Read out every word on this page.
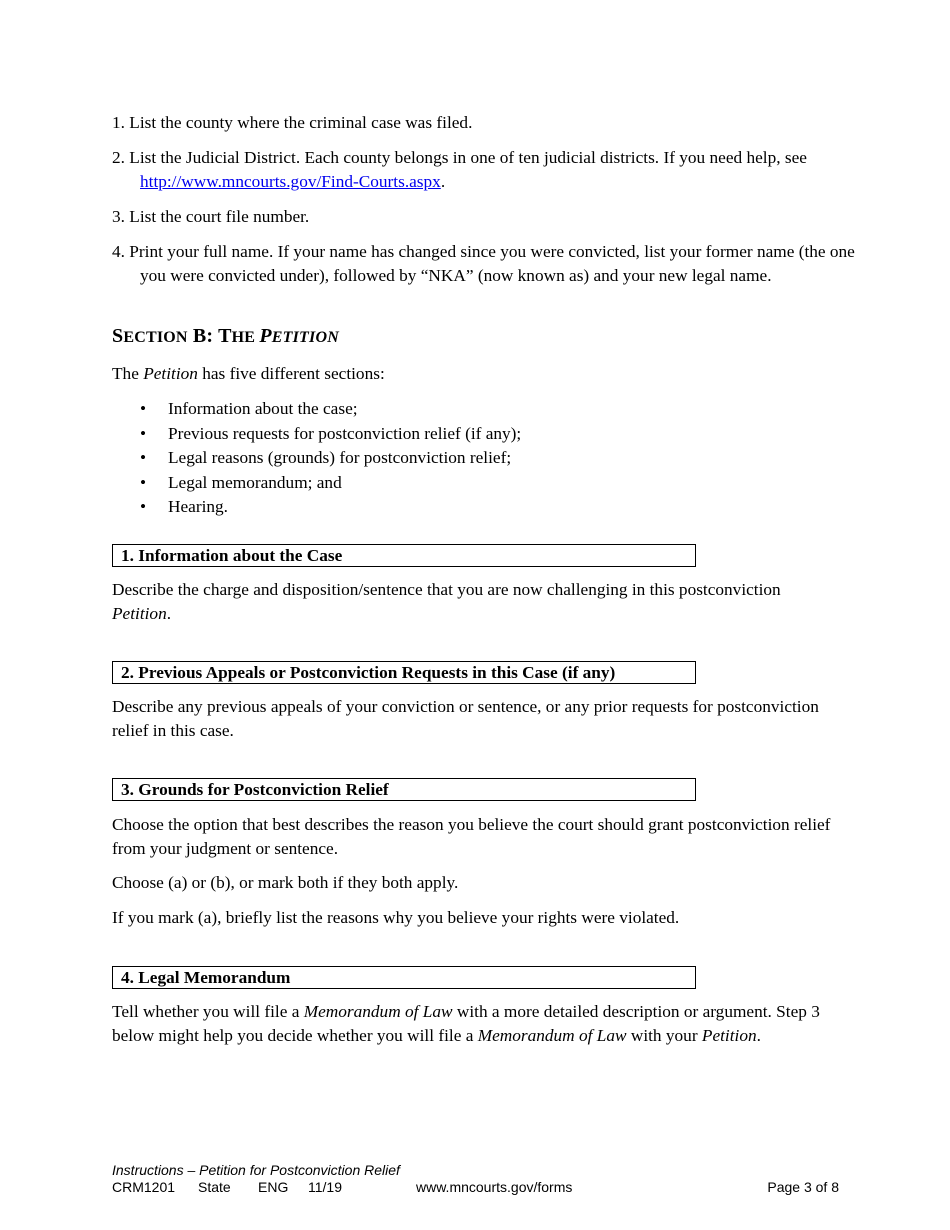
1. List the county where the criminal case was filed.

2. List the Judicial District. Each county belongs in one of ten judicial districts. If you need help, see http://www.mncourts.gov/Find-Courts.aspx.

3. List the court file number.

4. Print your full name. If your name has changed since you were convicted, list your former name (the one you were convicted under), followed by “NKA” (now known as) and your new legal name.

SECTION B: THE PETITION

The Petition has five different sections:

• Information about the case;
• Previous requests for postconviction relief (if any);
• Legal reasons (grounds) for postconviction relief;
• Legal memorandum; and
• Hearing.
1. Information about the Case

Describe the charge and disposition/sentence that you are now challenging in this postconviction Petition.

2. Previous Appeals or Postconviction Requests in this Case (if any)

Describe any previous appeals of your conviction or sentence, or any prior requests for postconviction relief in this case.

3. Grounds for Postconviction Relief

Choose the option that best describes the reason you believe the court should grant postconviction relief from your judgment or sentence.

Choose (a) or (b), or mark both if they both apply.

If you mark (a), briefly list the reasons why you believe your rights were violated.

4. Legal Memorandum

Tell whether you will file a Memorandum of Law with a more detailed description or argument. Step 3 below might help you decide whether you will file a Memorandum of Law with your Petition.

Instructions – Petition for Postconviction Relief
CRM1201 State ENG 11/19	www.mncourts.gov/forms	Page 3 of 8
